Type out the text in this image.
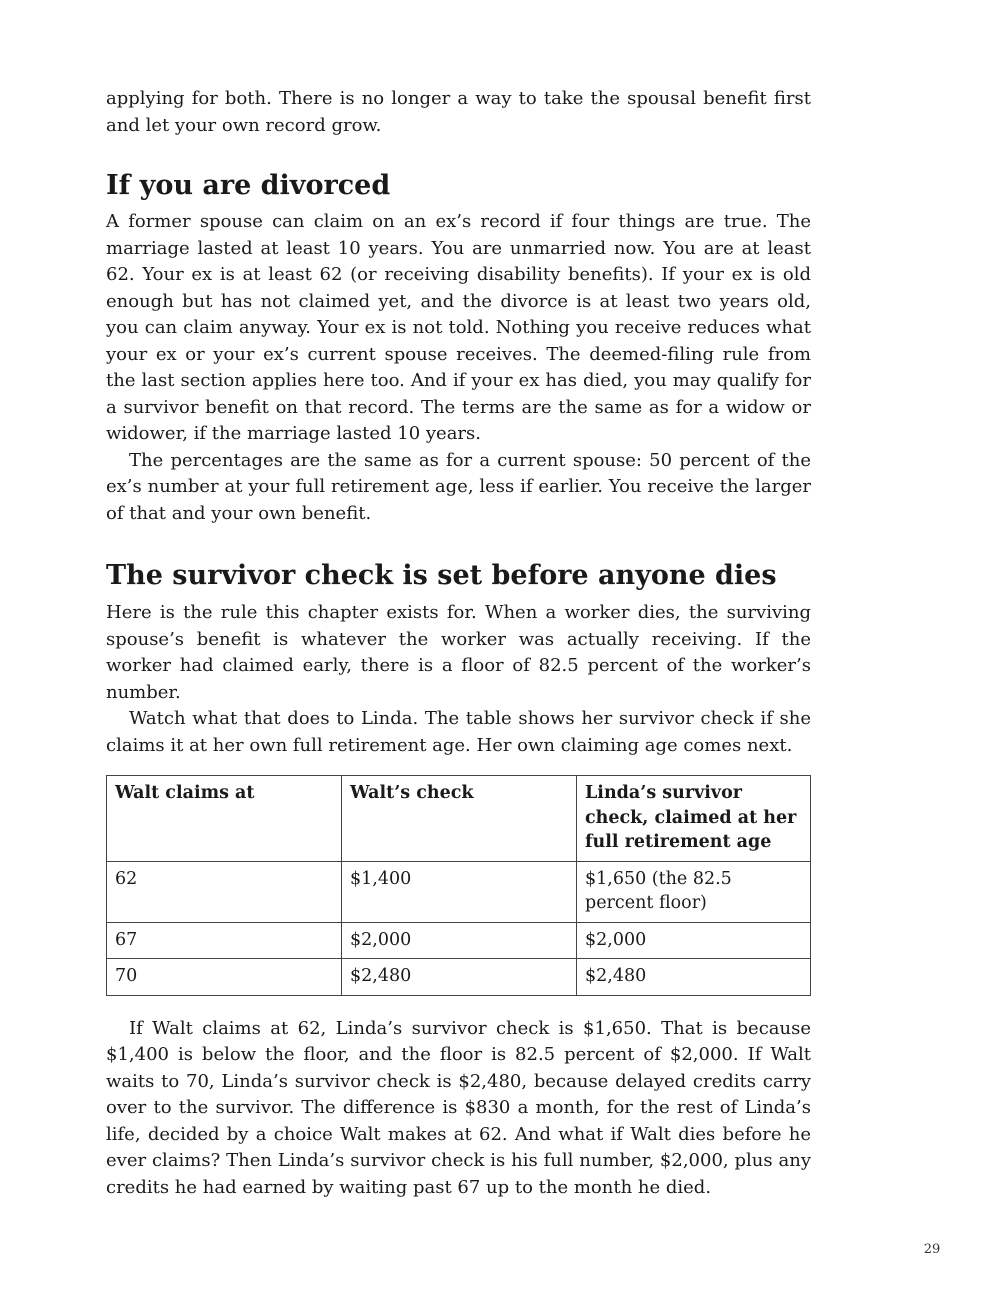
applying for both. There is no longer a way to take the spousal benefit first and let your own record grow.

If you are divorced

A former spouse can claim on an ex’s record if four things are true. The marriage lasted at least 10 years. You are unmarried now. You are at least 62. Your ex is at least 62 (or receiving disability benefits). If your ex is old enough but has not claimed yet, and the divorce is at least two years old, you can claim anyway. Your ex is not told. Nothing you receive reduces what your ex or your ex’s current spouse receives. The deemed-filing rule from the last section applies here too. And if your ex has died, you may qualify for a survivor benefit on that record. The terms are the same as for a widow or widower, if the marriage lasted 10 years.

The percentages are the same as for a current spouse: 50 percent of the ex’s number at your full retirement age, less if earlier. You receive the larger of that and your own benefit.

The survivor check is set before anyone dies

Here is the rule this chapter exists for. When a worker dies, the surviving spouse’s benefit is whatever the worker was actually receiving. If the worker had claimed early, there is a floor of 82.5 percent of the worker’s number.

Watch what that does to Linda. The table shows her survivor check if she claims it at her own full retirement age. Her own claiming age comes next.

Walt claims at	Walt’s check	Linda’s survivor check, claimed at her full retirement age
62	$1,400	$1,650 (the 82.5 percent floor)
67	$2,000	$2,000
70	$2,480	$2,480

If Walt claims at 62, Linda’s survivor check is $1,650. That is because $1,400 is below the floor, and the floor is 82.5 percent of $2,000. If Walt waits to 70, Linda’s survivor check is $2,480, because delayed credits carry over to the survivor. The difference is $830 a month, for the rest of Linda’s life, decided by a choice Walt makes at 62. And what if Walt dies before he ever claims? Then Linda’s survivor check is his full number, $2,000, plus any credits he had earned by waiting past 67 up to the month he died.

29
